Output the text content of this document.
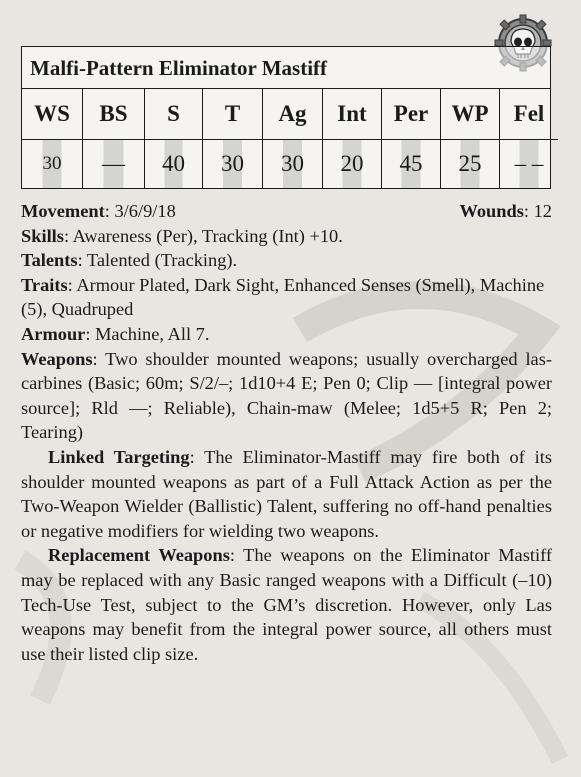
Malfi-Pattern Eliminator Mastiff
WS
30
BS
—
S
40
T
30
Ag
30
Int
20
Per
45
WP
25
Fel
– –

Movement: 3/6/9/18	Wounds: 12

Skills: Awareness (Per), Tracking (Int) +10.

Talents: Talented (Tracking).

Traits: Armour Plated, Dark Sight, Enhanced Senses (Smell), Machine (5), Quadruped

Armour: Machine, All 7.

Weapons: Two shoulder mounted weapons; usually overcharged las-carbines (Basic; 60m; S/2/–; 1d10+4 E; Pen 0; Clip — [integral power source]; Rld —; Reliable), Chain-maw (Melee; 1d5+5 R; Pen 2; Tearing)

Linked Targeting: The Eliminator-Mastiff may fire both of its shoulder mounted weapons as part of a Full Attack Action as per the Two-Weapon Wielder (Ballistic) Talent, suffering no off-hand penalties or negative modifiers for wielding two weapons.

Replacement Weapons: The weapons on the Eliminator Mastiff may be replaced with any Basic ranged weapons with a Difficult (–10) Tech-Use Test, subject to the GM’s discretion. However, only Las weapons may benefit from the integral power source, all others must use their listed clip size.
